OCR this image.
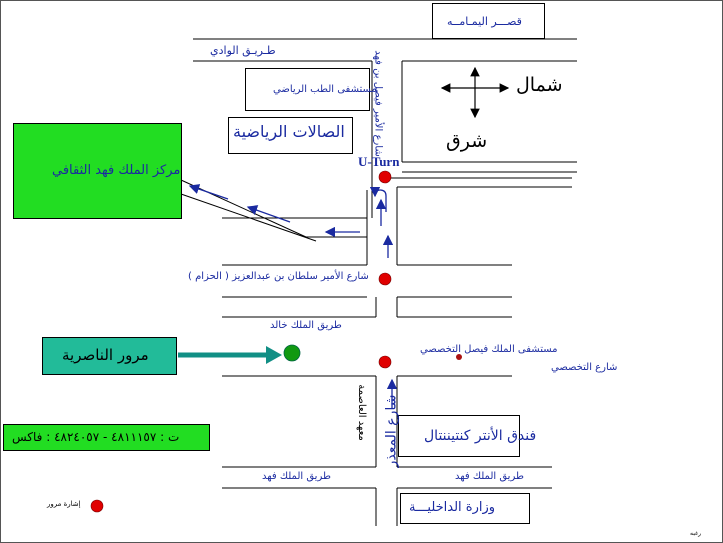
قصـــر اليمـامــه
طـريـق الوادي
مستشفى الطب الرياضي
الصالات الرياضية	شارع الأمير فيصل بن فهد	شمال
شرق
U-Turn
مركز الملك فهد الثقافي
شارع الأمير سلطان بن عبدالعزيز ( الحزام )
طريق الملك خالد
مرور الناصرية	مستشفى الملك فيصل التخصصي
شارع التخصصي
معهد العاصمة شارع المعذر فندق الأنتر كنتيننتال
ت : ٤٨١١١٥٧ - ٤٨٢٤٠٥٧ : فاكس
طريق الملك فهد	طريق الملك فهد
وزارة الداخليـــة
إشارة مرور
رغبه
